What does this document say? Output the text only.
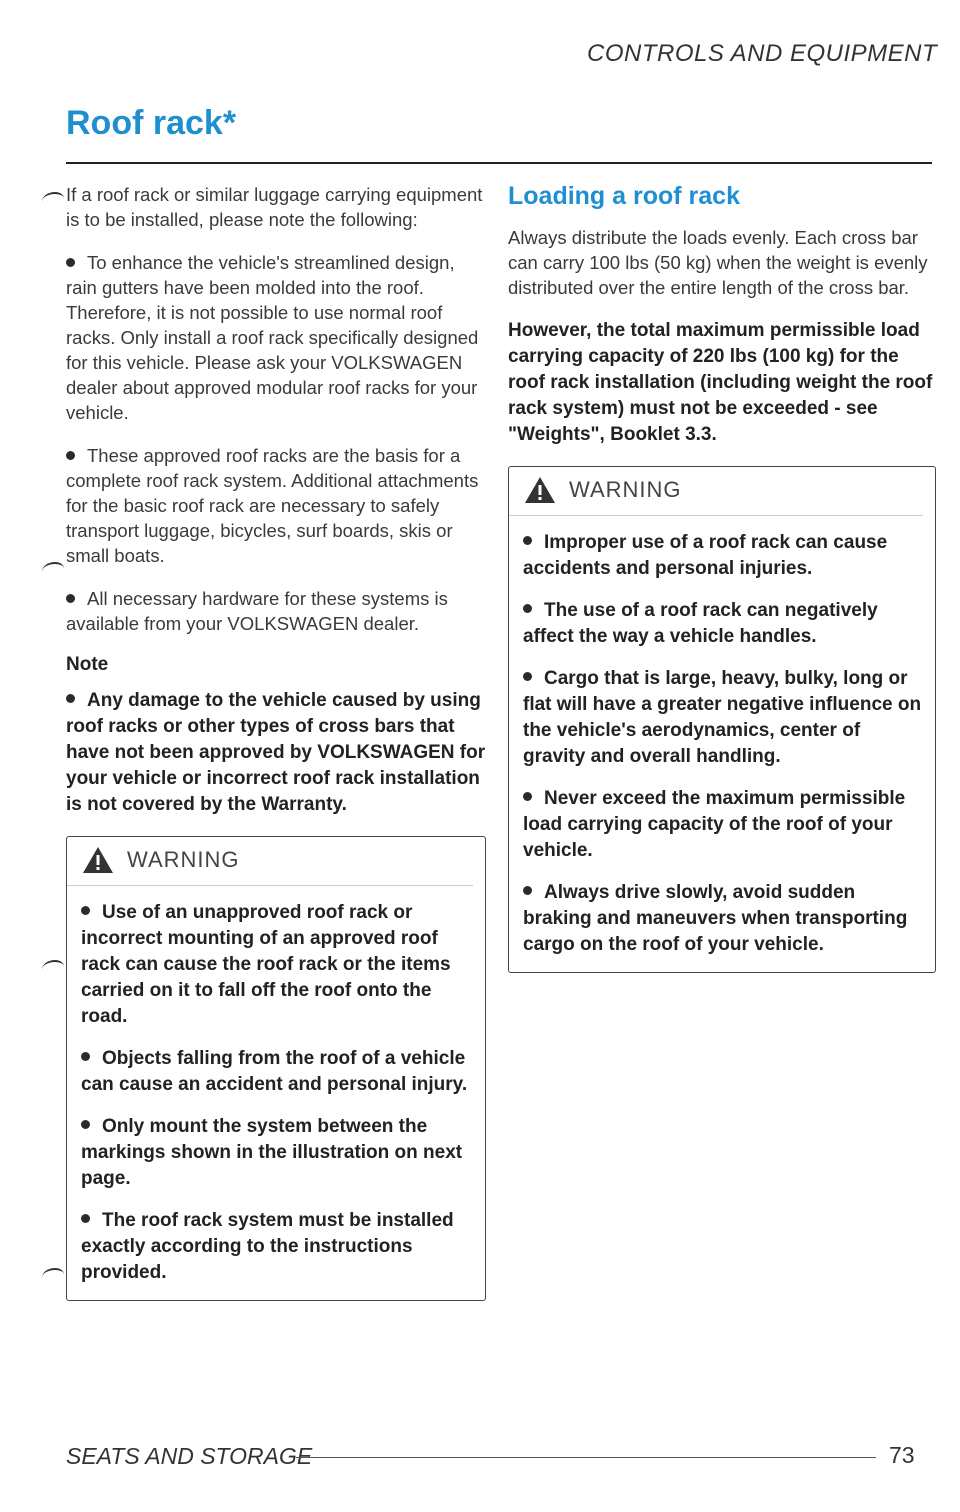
CONTROLS AND EQUIPMENT
Roof rack*

If a roof rack or similar luggage carrying equipment is to be installed, please note the following:

To enhance the vehicle's streamlined design, rain gutters have been molded into the roof. Therefore, it is not possible to use normal roof racks. Only install a roof rack specifically designed for this vehicle. Please ask your VOLKSWAGEN dealer about approved modular roof racks for your vehicle.

These approved roof racks are the basis for a complete roof rack system. Additional attachments for the basic roof rack are necessary to safely transport luggage, bicycles, surf boards, skis or small boats.

All necessary hardware for these systems is available from your VOLKSWAGEN dealer.

Note

Any damage to the vehicle caused by using roof racks or other types of cross bars that have not been approved by VOLKSWAGEN for your vehicle or incorrect roof rack installation is not covered by the Warranty.

WARNING
Use of an unapproved roof rack or incorrect mounting of an approved roof rack can cause the roof rack or the items carried on it to fall off the roof onto the road.
Objects falling from the roof of a vehicle can cause an accident and personal injury.
Only mount the system between the markings shown in the illustration on next page.
The roof rack system must be installed exactly according to the instructions provided.
Loading a roof rack

Always distribute the loads evenly. Each cross bar can carry 100 lbs (50 kg) when the weight is evenly distributed over the entire length of the cross bar.

However, the total maximum permissible load carrying capacity of 220 lbs (100 kg) for the roof rack installation (including weight the roof rack system) must not be exceeded - see "Weights", Booklet 3.3.

WARNING
Improper use of a roof rack can cause accidents and personal injuries.
The use of a roof rack can negatively affect the way a vehicle handles.
Cargo that is large, heavy, bulky, long or flat will have a greater negative influence on the vehicle's aerodynamics, center of gravity and overall handling.
Never exceed the maximum permissible load carrying capacity of the roof of your vehicle.
Always drive slowly, avoid sudden braking and maneuvers when transporting cargo on the roof of your vehicle.
SEATS AND STORAGE	73
